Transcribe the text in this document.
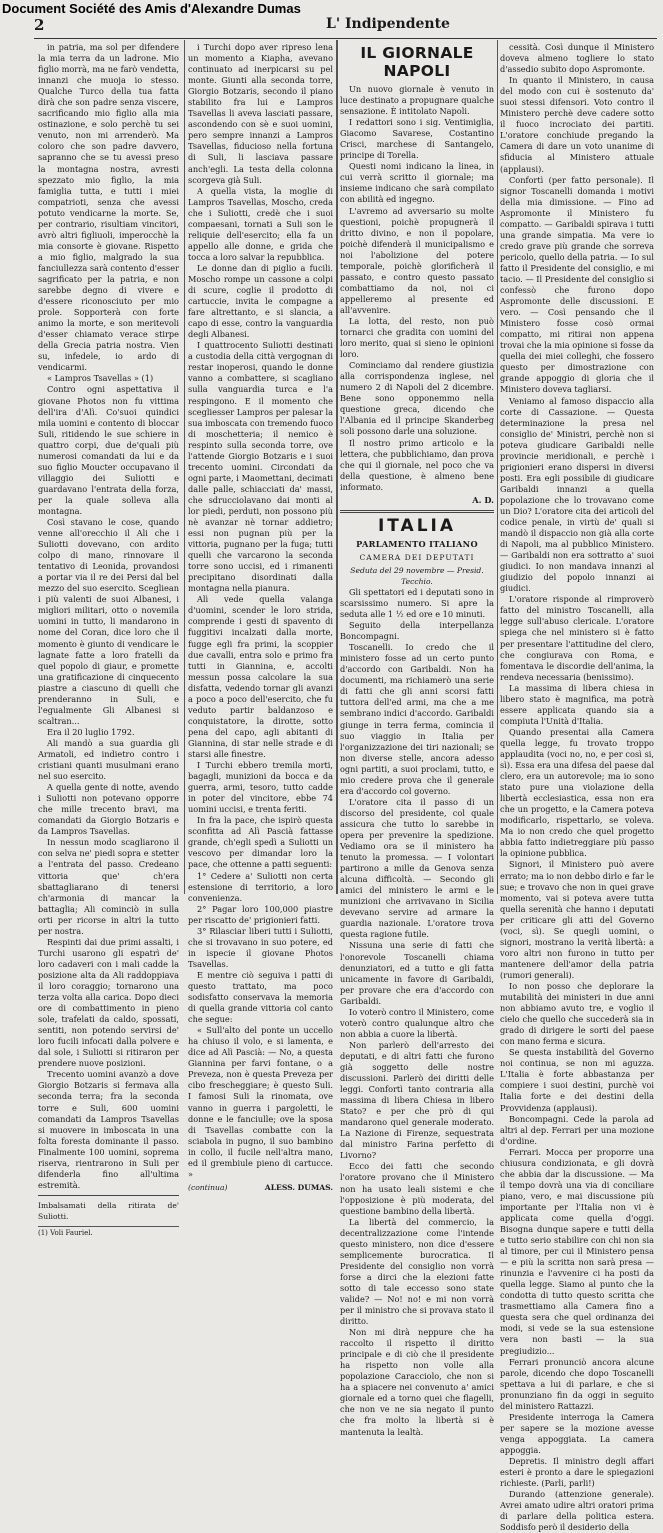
Document Société des Amis d'Alexandre Dumas
2	L' Indipendente

in patria, ma sol per difendere la mia terra da un ladrone. Mio figlio morrà, ma ne farò vendetta, innanzi che muoja io stesso. Qualche Turco della tua fatta dirà che son padre senza viscere, sacrificando mio figlio alla mia ostinazione, e solo perchè tu sei venuto, non mi arrenderò. Ma coloro che son padre davvero, sapranno che se tu avessi preso la montagna nostra, avresti spezzato mio figlio, la mia famiglia tutta, e tutti i miei compatrioti, senza che avessi potuto vendicarne la morte. Se, per contrario, risultiam vincitori, avrò altri figliuoli, imperocchè la mia consorte è giovane. Rispetto a mio figlio, malgrado la sua fanciullezza sarà contento d'esser sagrificato per la patria, e non sarebbe degno di vivere e d'essere riconosciuto per mio prole. Sopporterà con forte animo la morte, e son meritevoli d'esser chiamato verace stirpe della Grecia patria nostra. Vien su, infedele, io ardo di vendicarmi.

« Lampros Tsavellas » (1)

Contro ogni aspettativa il giovane Photos non fu vittima dell'ira d'Alì. Co'suoi quindici mila uomini e contento di bloccar Suli, ritidendo le sue schiere in quattro corpi, due de'quali più numerosi comandati da lui e da suo figlio Moucter occupavano il villaggio dei Suliotti e guardavano l'entrata della forza, per la quale solleva alla montagna.

Così stavano le cose, quando venne all'orecchio il Ali che i Suliotti dovevano, con ardito colpo di mano, rinnovare il tentativo di Leonida, provandosi a portar via il re dei Persi dal bel mezzo del suo esercito. Scegliean i più valenti de suoi Albanesi, i migliori militari, otto o novemila uomini in tutto, li mandarono in nome del Coran, dice loro che il momento è giunto di vendicare le lagnate fatte a loro fratelli da quel popolo di giaur, e promette una gratificazione di cinquecento piastre a ciascuno di quelli che prenderanno in Suli, e l'egualmente Gli Albanesi si scaltran...

Era il 20 luglio 1792.

Ali mandò a sua guardia gli Armatoli, ed indietro contro i cristiani quanti musulmani erano nel suo esercito.

A quella gente di notte, avendo i Suliotti non potevano opporre che mille trecento bravi, ma comandati da Giorgio Botzaris e da Lampros Tsavellas.

In nessun modo scagliarono il con selva ne' piedi sopra e stetter a l'entrata del passo. Credeano vittoria que' ch'era sbattagliarano di tenersi ch'armonia di mancar la battaglia; Ali cominciò in sulla orti per ricorse in altri la tutto per nostra.

Respinti dai due primi assalti, i Turchi usarono gli espatrì de' loro cadaveri con i mali cadde la posizione alta da Ali raddoppiava il loro coraggio; tornarono una terza volta alla carica. Dopo dieci ore di combattimento in pieno sole, trafelati da caldo, spossati, sentiti, non potendo servirsi de' loro fucili infocati dalla polvere e dal sole, i Suliotti si ritiraron per prendere nuove posizioni.

Trecento uomini avanzò a dove Giorgio Botzaris si fermava alla seconda terra; fra la seconda torre e Suli, 600 uomini comandati da Lampros Tsavellas si muovere in imboscata in una folta foresta dominante il passo. Finalmente 100 uomini, soprema riserva, rientrarono in Suli per difenderla fino all'ultima estremità.

Imbalsamati della ritirata de' Suliotti.

(1) Voli Fauriel.

i Turchi dopo aver ripreso lena un momento a Kiapha, avevano continuato ad inerpicarsi su pel monte. Giunti alla seconda torre, Giorgio Botzaris, secondo il piano stabilito fra lui e Lampros Tsavellas li aveva lasciati passare, ascondendo con sè e suoi uomini, pero sempre innanzi a Lampros Tsavellas, fiducioso nella fortuna di Suli, li lasciava passare anch'egli. La testa della colonna scorgeva già Suli.

A quella vista, la moglie di Lampros Tsavellas, Moscho, creda che i Suliotti, credè che i suoi compaesani, tornati a Suli son le reliquie dell'esercito; ella fa un appello alle donne, e grida che tocca a loro salvar la repubblica.

Le donne dan di piglio a fucili. Moscho rompe un cassone a colpi di scure, coglie il prodotto di cartuccie, invita le compagne a fare altrettanto, e si slancia, a capo di esse, contro la vanguardia degli Albanesi.

I quattrocento Suliotti destinati a custodia della città vergognan di restar inoperosi, quando le donne vanno a combattere, si scagliano sulla vanguardia turca e l'a respingono. E il momento che scegliesser Lampros per palesar la sua imboscata con tremendo fuoco di moschetteria; il nemico è respinto sulla seconda torre, ove l'attende Giorgio Botzaris e i suoi trecento uomini. Circondati da ogni parte, i Maomettani, decimati dalle palle, schiacciati da' massi, che sdrucciolavano dai monti al lor piedi, perduti, non possono più nè avanzar nè tornar addietro; essi non pugnan più per la vittoria, pugnano per la fuga; tutti quelli che varcarono la seconda torre sono uccisi, ed i rimanenti precipitano disordinati dalla montagna nella pianura.

Alì vede quella valanga d'uomini, scender le loro strida, comprende i gesti di spavento di fuggitivi incalzati dalla morte, fugge egli fra primi, la scoppier due cavalli, entra solo e primo fra tutti in Giannina, e, accolti messun possa calcolare la sua disfatta, vedendo tornar gli avanzi a poco a poco dell'esercito, che fu veduto partir baldanzoso e conquistatore, la dirotte, sotto pena del capo, agli abitanti di Giannina, di star nelle strade e di starsi alle finestre.

I Turchi ebbero tremila morti, bagagli, munizioni da bocca e da guerra, armi, tesoro, tutto cadde in poter del vincitore, ebbe 74 uomini uccisi, e trenta feriti.

In fra la pace, che ispirò questa sconfitta ad Alì Pascià fattasse grande, ch'egli spedì a Suliotti un vescovo per dimandar loro la pace, che ottenne a patti seguenti:

1° Cedere a' Suliotti non certa estensione di territorio, a loro convenienza.

2° Pagar loro 100,000 piastre per riscatto de' prigionieri fatti.

3° Rilasciar liberi tutti i Suliotti, che si trovavano in suo potere, ed in ispecie il giovane Photos Tsavellas.

E mentre ciò seguiva i patti di questo trattato, ma poco sodisfatto conservava la memoria di quella grande vittoria col canto che segue:

« Sull'alto del ponte un uccello ha chiuso il volo, e si lamenta, e dice ad Alì Pascià: — No, a questa Giannina per farvi fontane, o a Preveza, non è questa Preveza per cibo frescheggiare; è questo Suli. I famosi Suli la rinomata, ove vanno in guerra i pargoletti, le donne e le fanciulle; ove la sposa di Tsavellas combatte con la sciabola in pugno, il suo bambino in collo, il fucile nell'altra mano, ed il grembiule pieno di cartucce. »

(continua)	ALESS. DUMAS.
IL GIORNALE NAPOLI

Un nuovo giornale è venuto in luce destinato a propugnare qualche sensazione. È intitolato Napoli.

I redattori sono i sig. Ventimiglia, Giacomo Savarese, Costantino Crisci, marchese di Santangelo, principe di Torella.

Questi nomi indicano la linea, in cui verrà scritto il giornale; ma insieme indicano che sarà compilato con abilità ed ingegno.

L'avremo ad avversario su molte questioni, poichè propugnerà il dritto divino, e non il popolare, poichè difenderà il municipalismo e noi l'abolizione del potere temporale, poichè glorificherà il passato, e contro questo passato combattiamo da noi, noi ci appelleremo al presente ed all'avvenire.

La lotta, del resto, non può tornarci che gradita con uomini del loro merito, quai si sieno le opinioni loro.

Cominciamo dal rendere giustizia alla corrispondenza inglese, nel numero 2 di Napoli del 2 dicembre. Bene sono opponemmo nella questione greca, dicendo che l'Albania ed il principe Skanderbeg soli possono darle una soluzione.

Il nostro primo articolo e la lettera, che pubblichiamo, dan prova che qui il giornale, nel poco che va della questione, è almeno bene informato.

A. D.
ITALIA
PARLAMENTO ITALIANO
CAMERA DEI DEPUTATI

Seduta del 29 novembre — Presid. Tecchio.

Gli spettatori ed i deputati sono in scarsissimo numero. Si apre la seduta alle 1 ½ ed ore e 10 minuti.

Seguito della interpellanza Boncompagni.

Toscanelli. Io credo che il ministero fosse ad un certo punto d'accordo con Garibaldi. Non ha documenti, ma richiamerò una serie di fatti che gli anni scorsi fatti tuttora dell'ed armi, ma che a me sembrano indici d'accordo. Garibaldi giunge in terra ferma, comincia il suo viaggio in Italia per l'organizzazione dei tiri nazionali; se non diverse stelle, ancora adesso ogni partiti, a suoi proclami, tutto, e mio credere prova che il generale era d'accordo col governo.

L'oratore cita il passo di un discorso del presidente, col quale assicura che tutto lo sarebbe in opera per prevenire la spedizione. Vediamo ora se il ministero ha tenuto la promessa. — I volontari partirono a mille da Genova senza alcuna difficoltà. — Secondo gli amici del ministero le armi e le munizioni che arrivavano in Sicilia devevano servire ad armare la guardia nazionale. L'oratore trova questa ragione futile.

Nissuna una serie di fatti che l'onorevole Toscanelli chiama denunziatori, ed a tutto e gli fatta unicamente in favore di Garibaldi, per provare che era d'accordo con Garibaldi.

Io voterò contro il Ministero, come voterò contro qualunque altro che non abbia a cuore la libertà.

Non parlerò dell'arresto dei deputati, e di altri fatti che furono già soggetto delle nostre discussioni. Parlerò dei diritti delle leggi. Confortì tanto contraria alla massima di libera Chiesa in libero Stato? e per che prò di qui mandarono quel generale moderato. La Nazione di Firenze, sequestrata dal ministro Farina perfetto di Livorno?

Ecco dei fatti che secondo l'oratore provano che il Ministero non ha usato leali sistemi e che l'opposizione è più moderata, del questione bambino della libertà.

La libertà del commercio, la decentralizzazione come l'intende questo ministero, non dice d'essere semplicemente burocratica. Il Presidente del consiglio non vorrà forse a dirci che la elezioni fatte sotto di tale eccesso sono state valide? — No! no! e mi non vorrà per il ministro che si provava stato il diritto.

Non mi dirà neppure che ha raccolto il rispetto il diritto principale e di ciò che il presidente ha rispetto non volle alla popolazione Caracciolo, che non si ha a spiacere nei convenuto a' amici giornale ed a torno quei che flagelli, che non ve ne sia negato il punto che fra molto la libertà si è mantenuta la lealtà.

cessità. Così dunque il Ministero doveva almeno togliere lo stato d'assedio subito dopo Aspromonte.

In quanto il Ministero, in causa del modo con cui è sostenuto da' suoi stessi difensori. Voto contro il Ministero perchè deve cadere sotto il fuoco incrociato dei partiti. L'oratore conchiude pregando la Camera di dare un voto unanime di sfiducia al Ministero attuale (applausi).

Confortì (per fatto personale). Il signor Toscanelli domanda i motivi della mia dimissione. — Fino ad Aspromonte il Ministero fu compatto. — Garibaldi spirava i tutti una grande simpatia. Ma vere io credo grave più grande che sorreva pericolo, quello della patria. — Io sul fatto il Presidente del consiglio, e mi tacio. — Il Presidente del consiglio si confessò che furono dopo Aspromonte delle discussioni. E vero. — Così pensando che il Ministero fosse cosò ormai compatto, mi ritirai non appena trovai che la mia opinione si fosse da quella dei miei colleghi, che fossero questo per dimostrazione con grande appoggio di gloria che il Ministero doveva tagliarsi.

Veniamo al famoso dispaccio alla corte di Cassazione. — Questa determinazione la presa nel consiglio de' Ministri, perchè non si poteva giudicare Garibaldi nelle provincie meridionali, e perchè i prigionieri erano dispersi in diversi posti. Era egli possibile di giudicare Garibaldi innanzi a quella popolazione che lo trovavano come un Dio? L'oratore cita dei articoli del codice penale, in virtù de' quali si mandò il dispaccio non già alla corte di Napoli, ma al pubblico Ministero. — Garibaldi non era sottratto a' suoi giudici. Io non mandava innanzi al giudizio del popolo innanzi ai giudici.

L'oratore risponde al rimproverò fatto del ministro Toscanelli, alla legge sull'abuso clericale. L'oratore spiega che nel ministero si è fatto per presentare l'attitudine del clero, che congiurava con Roma, e fomentava le discordie dell'anima, la rendeva necessaria (benissimo).

La massima di libera chiesa in libero stato è magnifica, ma potrà essere applicata quando sia a compiuta l'Unità d'Italia.

Quando presentai alla Camera quella legge, fu trovato troppo applaudita (voci no, no, e per così si, sì). Essa era una difesa del paese dal clero, era un autorevole; ma io sono stato pure una violazione della libertà ecclesiastica, essa non era che un progetto, e la Camera poteva modificarlo, rispettarlo, se voleva. Ma io non credo che quel progetto abbia fatto indietreggiare più passo la opinione pubblica.

Signori, il Ministero può avere errato; ma io non debbo dirlo e far le sue; e trovavo che non in quei grave momento, vai si poteva avere tutta quella serenità che hanno i deputati per criticare gli atti del Governo (voci, sì). Se quegli uomini, o signori, mostrano la verità libertà: a voro altri non furono in tutto per mantenere dell'amor della patria (rumori generali).

Io non posso che deplorare la mutabilità dei ministeri in due anni non abbiamo avuto tre, e voglio il cielo che quello che succederà sia in grado di dirigere le sorti del paese con mano ferma e sicura.

Se questa instabilità del Governo noi continua, se non mi aguzza. L'Italia è forte abbastanza per compiere i suoi destini, purchè voi Italia forte e dei destini della Provvidenza (applausi).

Boncompagni. Cede la parola ad altri al dep. Ferrari per una mozione d'ordine.

Ferrari. Mocca per proporre una chiusura condizionata, e gli dovrà che abbia dar la discussione. — Ma il tempo dovrà una via di conciliare piano, vero, e mai discussione più importante per l'Italia non vi è applicata come quella d'oggi. Bisogna dunque sapere e tutti della e tutto serio stabilire con chi non sia al timore, per cui il Ministero pensa — e più la scritta non sarà presa — rinunzia e l'avvenire ci ha posti da quella legge. Siamo al punto che la condotta di tutto questo scritta che trasmettiamo alla Camera fino a questa sera che quel ordinanza dei modi, si vede se la sua estensione vera non basti — la sua pregiudizio...

Ferrari pronunciò ancora alcune parole, dicendo che dopo Toscanelli spettava a lui di parlare, e che si pronunziano fin da oggi in seguito del ministero Rattazzi.

Presidente interroga la Camera per sapere se la mozione avesse venga appoggiata. La camera appoggia.

Depretis. Il ministro degli affari esteri è pronto a dare le spiegazioni richieste. (Parli, parli!)

Durando (attenzione generale). Avrei amato udire altri oratori prima di parlare della politica estera. Soddisfo però il desiderio della
